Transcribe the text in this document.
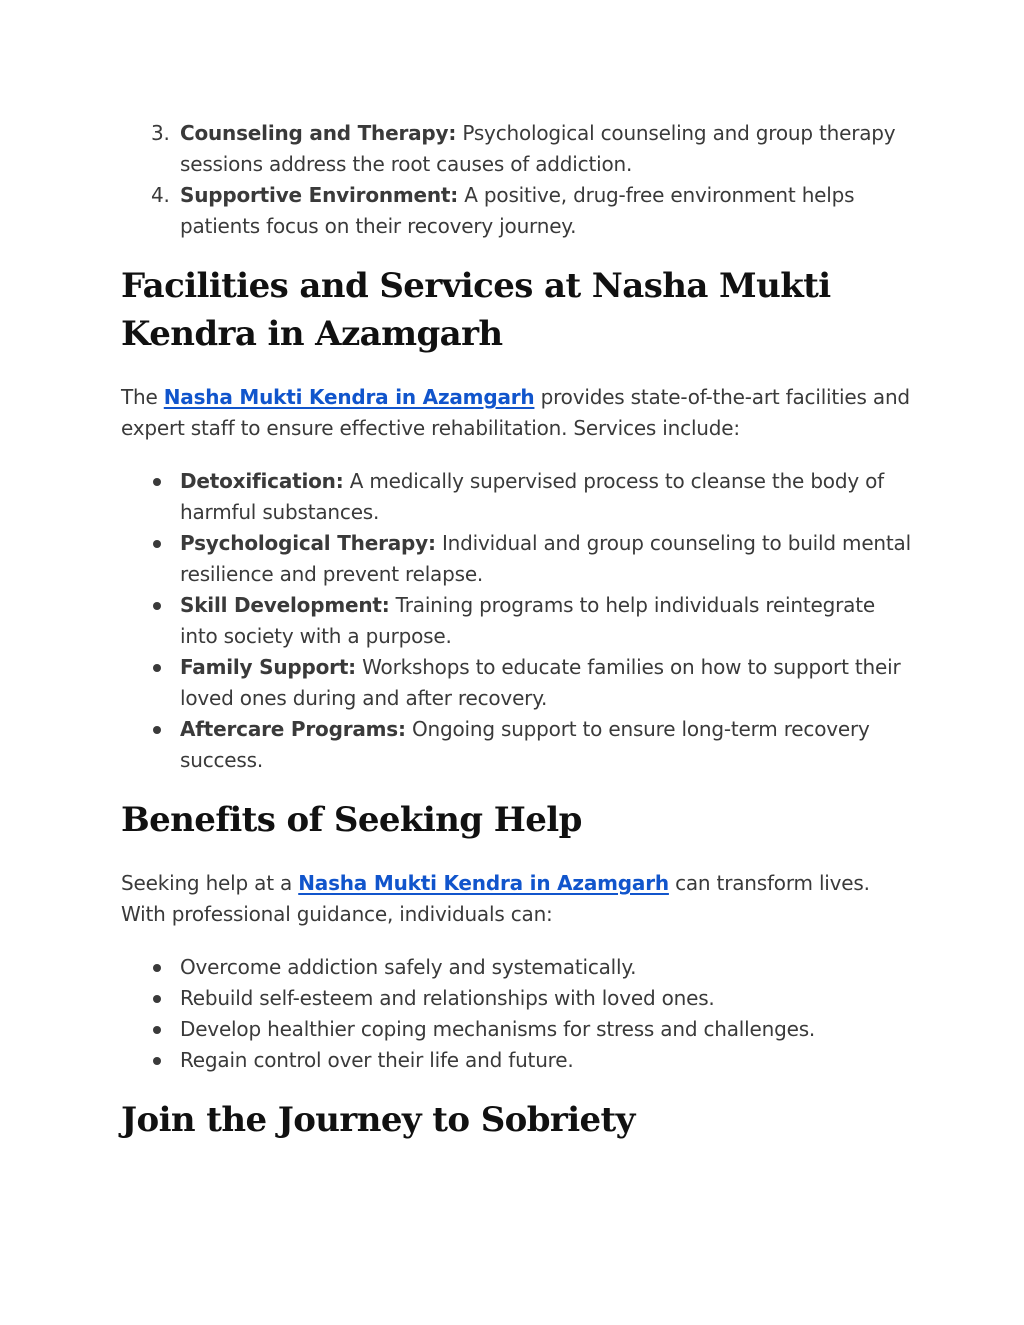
3. Counseling and Therapy: Psychological counseling and group therapy sessions address the root causes of addiction.
4. Supportive Environment: A positive, drug-free environment helps patients focus on their recovery journey.
Facilities and Services at Nasha Mukti Kendra in Azamgarh

The Nasha Mukti Kendra in Azamgarh provides state-of-the-art facilities and expert staff to ensure effective rehabilitation. Services include:

Detoxification: A medically supervised process to cleanse the body of harmful substances.
Psychological Therapy: Individual and group counseling to build mental resilience and prevent relapse.
Skill Development: Training programs to help individuals reintegrate into society with a purpose.
Family Support: Workshops to educate families on how to support their loved ones during and after recovery.
Aftercare Programs: Ongoing support to ensure long-term recovery success.
Benefits of Seeking Help

Seeking help at a Nasha Mukti Kendra in Azamgarh can transform lives. With professional guidance, individuals can:

Overcome addiction safely and systematically.
Rebuild self-esteem and relationships with loved ones.
Develop healthier coping mechanisms for stress and challenges.
Regain control over their life and future.
Join the Journey to Sobriety
